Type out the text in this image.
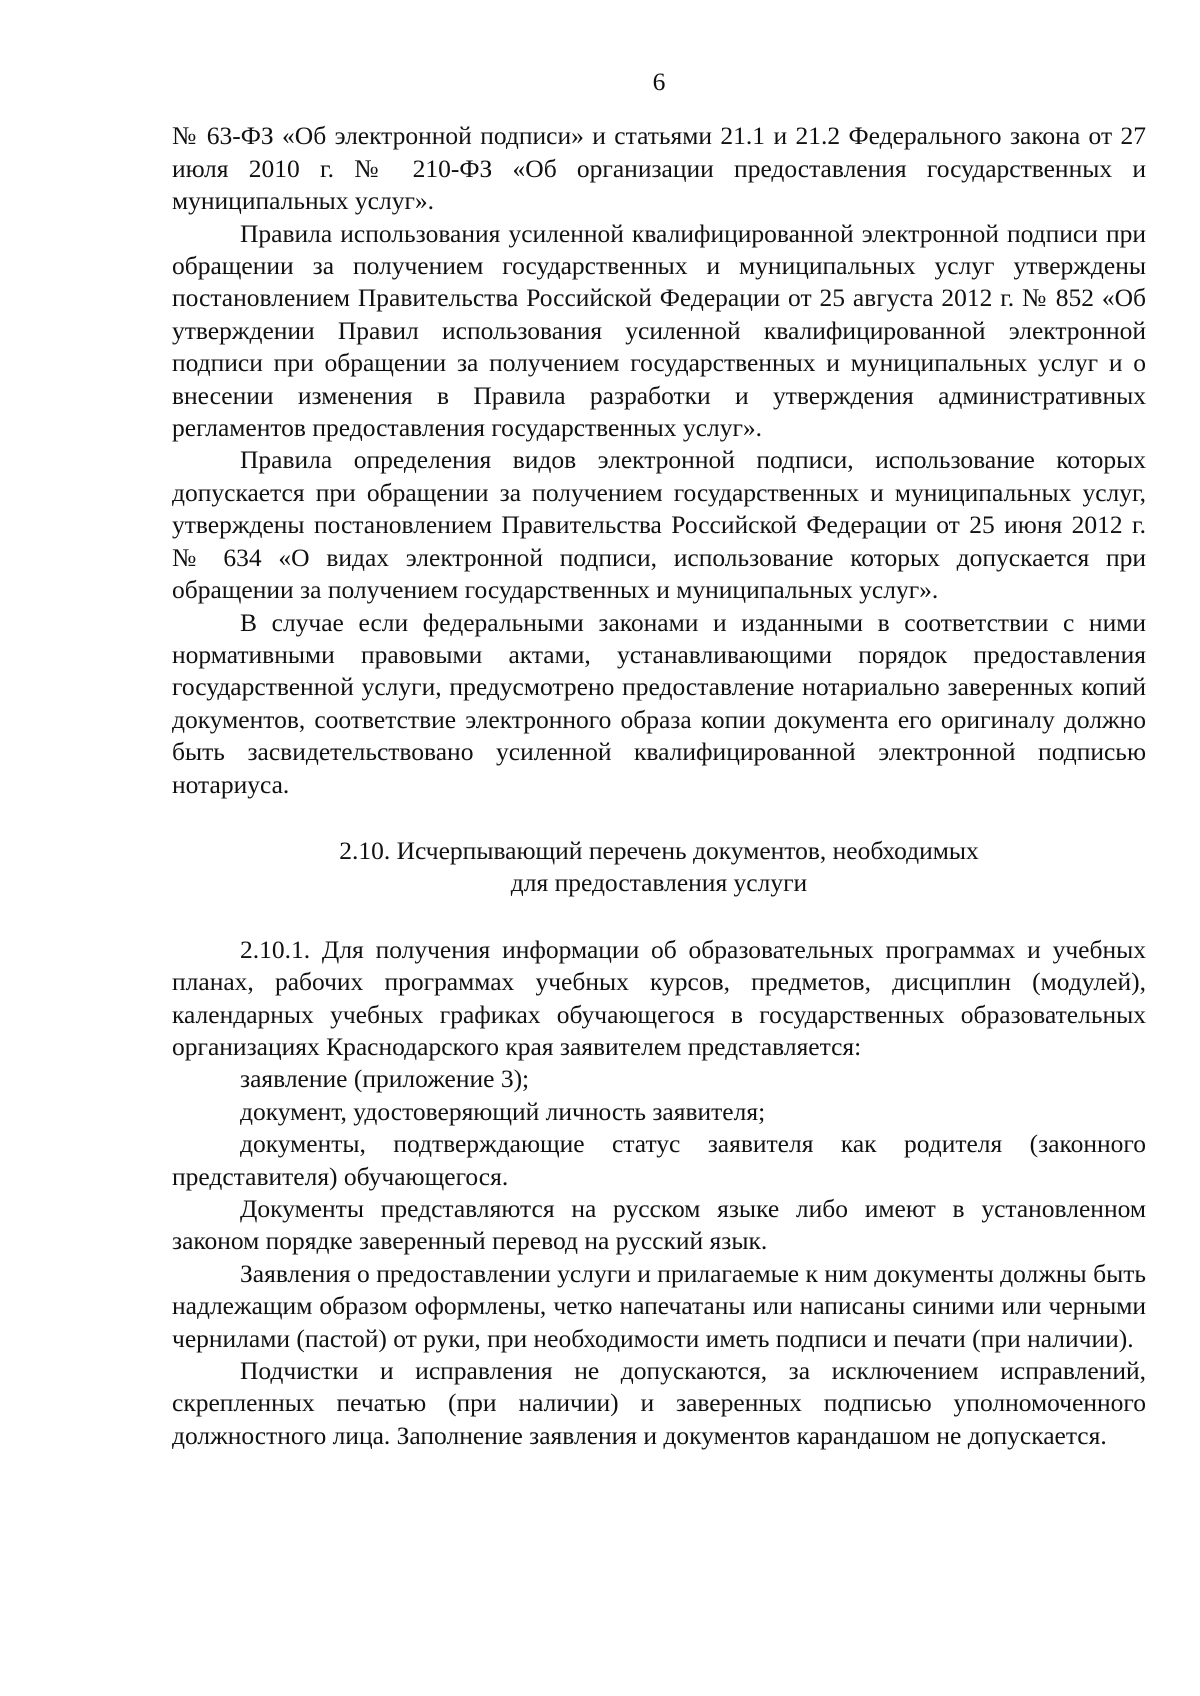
6

№ 63-ФЗ «Об электронной подписи» и статьями 21.1 и 21.2 Федерального закона от 27 июля 2010 г. № 210-ФЗ «Об организации предоставления государственных и муниципальных услуг».

Правила использования усиленной квалифицированной электронной подписи при обращении за получением государственных и муниципальных услуг утверждены постановлением Правительства Российской Федерации от 25 августа 2012 г. № 852 «Об утверждении Правил использования усиленной квалифицированной электронной подписи при обращении за получением государственных и муниципальных услуг и о внесении изменения в Правила разработки и утверждения административных регламентов предоставления государственных услуг».

Правила определения видов электронной подписи, использование которых допускается при обращении за получением государственных и муниципальных услуг, утверждены постановлением Правительства Российской Федерации от 25 июня 2012 г. № 634 «О видах электронной подписи, использование которых допускается при обращении за получением государственных и муниципальных услуг».

В случае если федеральными законами и изданными в соответствии с ними нормативными правовыми актами, устанавливающими порядок предоставления государственной услуги, предусмотрено предоставление нотариально заверенных копий документов, соответствие электронного образа копии документа его оригиналу должно быть засвидетельствовано усиленной квалифицированной электронной подписью нотариуса.

2.10. Исчерпывающий перечень документов, необходимых
для предоставления услуги

2.10.1. Для получения информации об образовательных программах и учебных планах, рабочих программах учебных курсов, предметов, дисциплин (модулей), календарных учебных графиках обучающегося в государственных образовательных организациях Краснодарского края заявителем представляется:

заявление (приложение 3);

документ, удостоверяющий личность заявителя;

документы, подтверждающие статус заявителя как родителя (законного представителя) обучающегося.

Документы представляются на русском языке либо имеют в установленном законом порядке заверенный перевод на русский язык.

Заявления о предоставлении услуги и прилагаемые к ним документы должны быть надлежащим образом оформлены, четко напечатаны или написаны синими или черными чернилами (пастой) от руки, при необходимости иметь подписи и печати (при наличии).

Подчистки и исправления не допускаются, за исключением исправлений, скрепленных печатью (при наличии) и заверенных подписью уполномоченного должностного лица. Заполнение заявления и документов карандашом не допускается.
